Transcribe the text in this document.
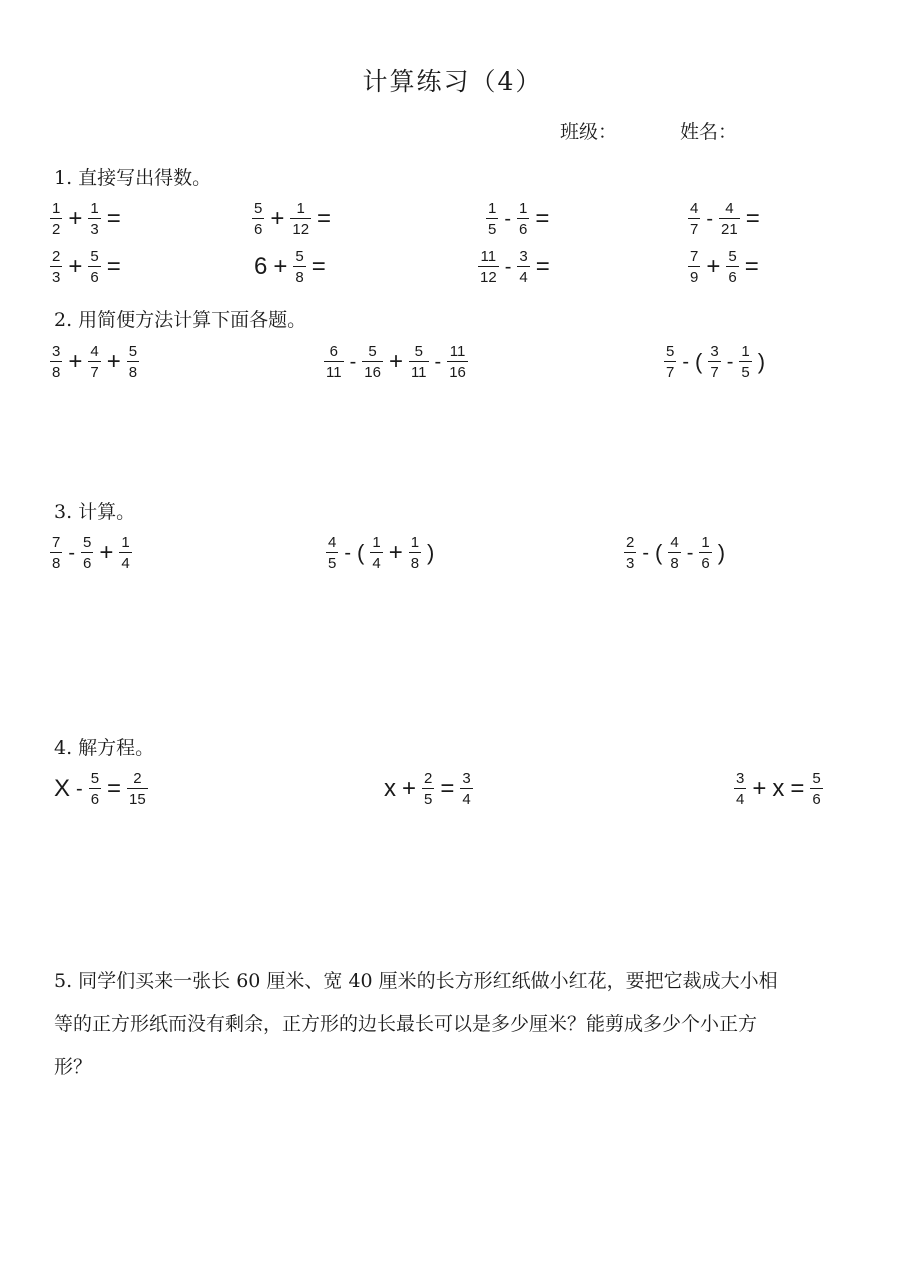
计算练习（4）
班级：	姓名：
1. 直接写出得数。
$\frac{1}{2} + \frac{1}{3}$ =	$\frac{5}{6} + \frac{1}{12}$ =	$\frac{1}{5} - \frac{1}{6}$ =	$\frac{4}{7} - \frac{4}{21}$ =
$\frac{2}{3} + \frac{5}{6}$ =	$6 + \frac{5}{8}$ =	$\frac{11}{12} - \frac{3}{4}$ =	$\frac{7}{9} + \frac{5}{6}$ =
2. 用简便方法计算下面各题。
$\frac{3}{8} + \frac{4}{7} + \frac{5}{8}$	$\frac{6}{11} - \frac{5}{16} + \frac{5}{11} - \frac{11}{16}$	$\frac{5}{7}$ - ( $\frac{3}{7} - \frac{1}{5}$ )
3. 计算。
$\frac{7}{8} - \frac{5}{6} + \frac{1}{4}$	$\frac{4}{5}$ - ( $\frac{1}{4} + \frac{1}{8}$ )	$\frac{2}{3}$ - ( $\frac{4}{8} - \frac{1}{6}$ )
4. 解方程。
$X - \frac{5}{6} = \frac{2}{15}$	$x + \frac{2}{5} = \frac{3}{4}$	$\frac{3}{4} + x = \frac{5}{6}$
5. 同学们买来一张长 60 厘米、宽 40 厘米的长方形红纸做小红花，要把它裁成大小相
等的正方形纸而没有剩余，正方形的边长最长可以是多少厘米？能剪成多少个小正方
形？
